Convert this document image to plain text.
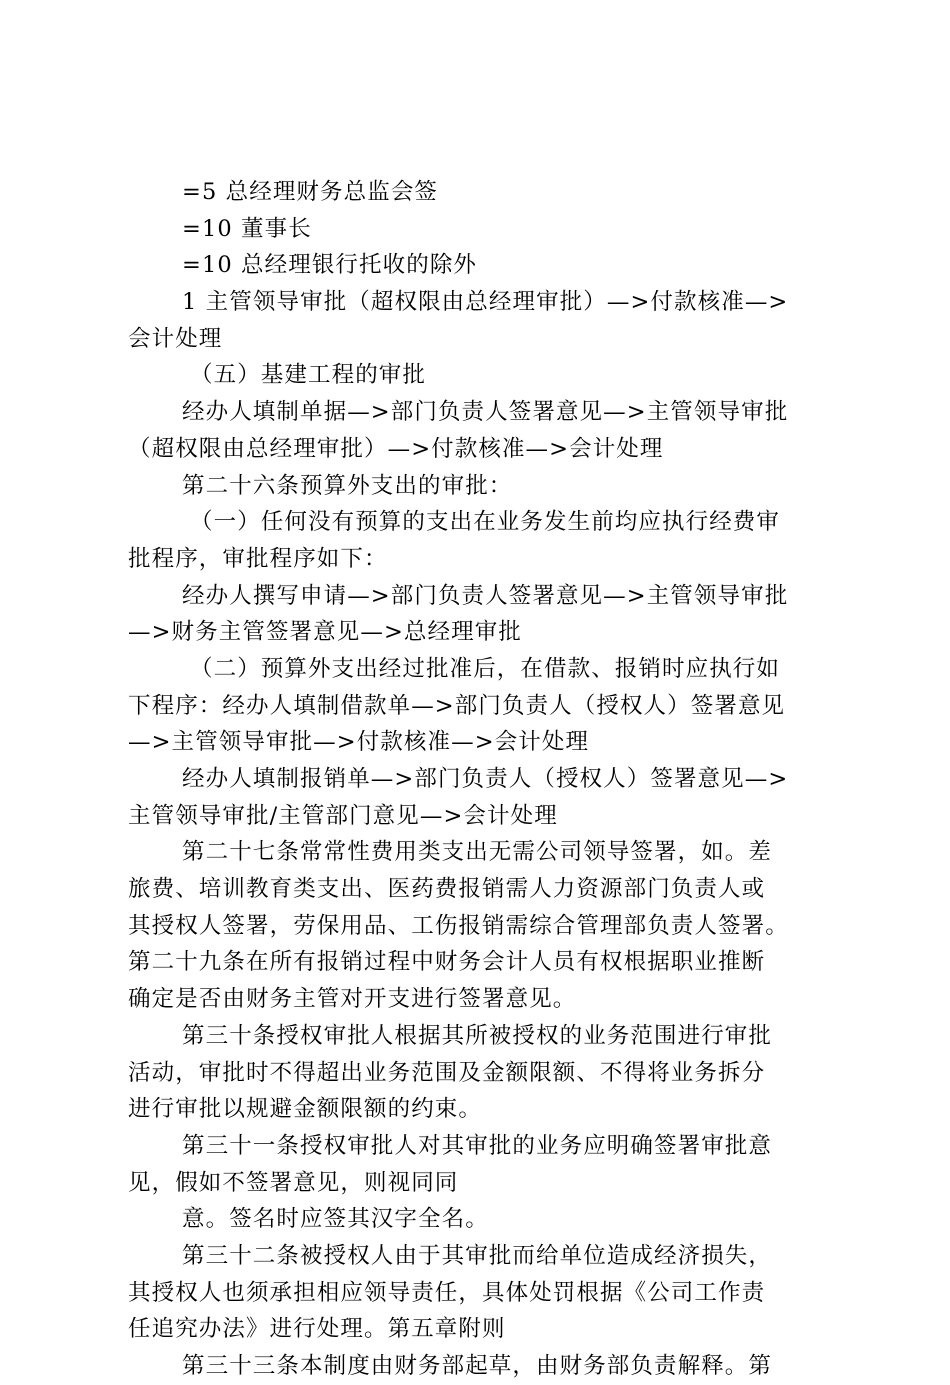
=5 总经理财务总监会签
=10 董事长
=10 总经理银行托收的除外
1 主管领导审批（超权限由总经理审批）—>付款核准—>
会计处理
（五）基建工程的审批
经办人填制单据—>部门负责人签署意见—>主管领导审批
（超权限由总经理审批）—>付款核准—>会计处理
第二十六条预算外支出的审批：
（一）任何没有预算的支出在业务发生前均应执行经费审
批程序，审批程序如下：
经办人撰写申请—>部门负责人签署意见—>主管领导审批
—>财务主管签署意见—>总经理审批
（二）预算外支出经过批准后，在借款、报销时应执行如
下程序：经办人填制借款单—>部门负责人（授权人）签署意见
—>主管领导审批—>付款核准—>会计处理
经办人填制报销单—>部门负责人（授权人）签署意见—>
主管领导审批/主管部门意见—>会计处理
第二十七条常常性费用类支出无需公司领导签署，如。差
旅费、培训教育类支出、医药费报销需人力资源部门负责人或
其授权人签署，劳保用品、工伤报销需综合管理部负责人签署。
第二十九条在所有报销过程中财务会计人员有权根据职业推断
确定是否由财务主管对开支进行签署意见。
第三十条授权审批人根据其所被授权的业务范围进行审批
活动，审批时不得超出业务范围及金额限额、不得将业务拆分
进行审批以规避金额限额的约束。
第三十一条授权审批人对其审批的业务应明确签署审批意
见，假如不签署意见，则视同同
意。签名时应签其汉字全名。
第三十二条被授权人由于其审批而给单位造成经济损失，
其授权人也须承担相应领导责任，具体处罚根据《公司工作责
任追究办法》进行处理。第五章附则
第三十三条本制度由财务部起草，由财务部负责解释。第
